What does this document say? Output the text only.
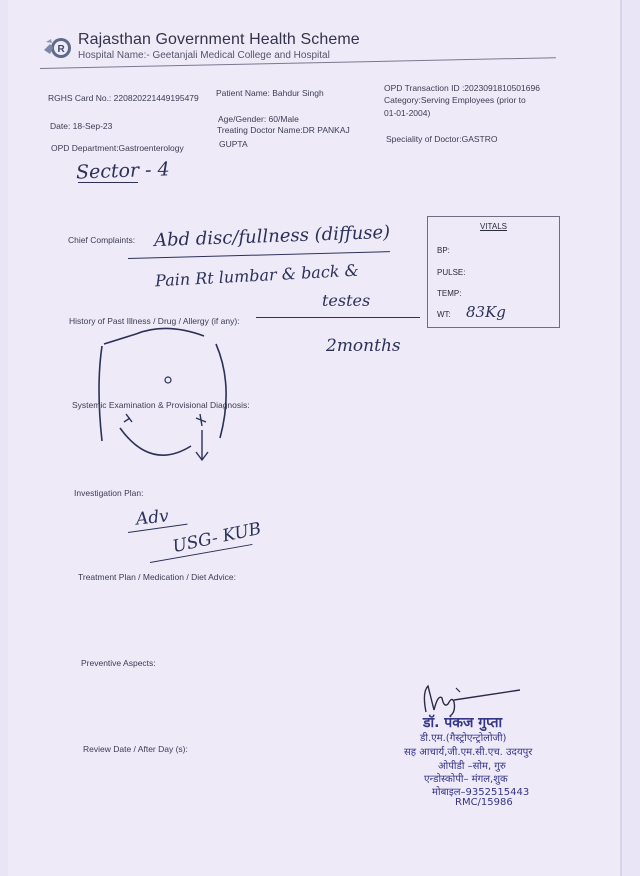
R
Rajasthan Government Health Scheme
Hospital Name:- Geetanjali Medical College and Hospital
RGHS Card No.: 220820221449195479
Date: 18-Sep-23
OPD Department:Gastroenterology
Patient Name: Bahdur Singh
Age/Gender: 60/Male
Treating Doctor Name:DR PANKAJ
GUPTA
OPD Transaction ID :2023091810501696
Category:Serving Employees (prior to
01-01-2004)
Speciality of Doctor:GASTRO
Sector - 4
VITALS
BP:
PULSE:
TEMP:
WT: 83Kg
Chief Complaints: Abd disc/fullness (diffuse)
Pain Rt lumbar & back &
testes
History of Past Illness / Drug / Allergy (if any):
2months
Systemic Examination & Provisional Diagnosis:
Investigation Plan:
Adv
USG- KUB
Treatment Plan / Medication / Diet Advice:
Preventive Aspects:
Review Date / After Day (s):
डॉ. पंकज गुप्ता
डी.एम.(गैस्ट्रोएन्ट्रोलोजी)
सह आचार्य,जी.एम.सी.एच. उदयपुर
ओपीडी –सोम, गुरु
एन्डोस्कोपी– मंगल,शुक
मोबाइल–9352515443
RMC/15986
